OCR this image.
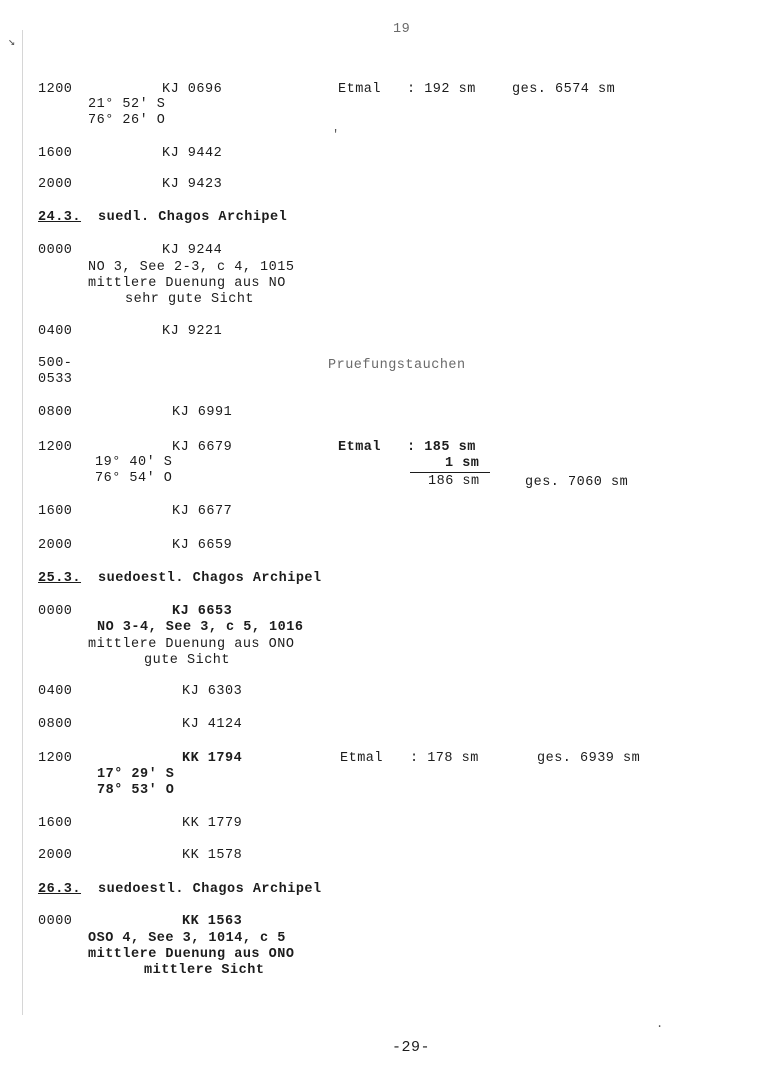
↘
19
1200	KJ 0696
21° 52' S
76° 26' O
Etmal : 192 sm	ges. 6574 sm
1600	KJ 9442
2000	KJ 9423
24.3. suedl. Chagos Archipel
0000	KJ 9244
NO 3, See 2-3, c 4, 1015
mittlere Duenung aus NO
sehr gute Sicht
0400	KJ 9221
500-
0533
Pruefungstauchen
0800	KJ 6991
1200	KJ 6679
19° 40' S
76° 54' O
Etmal : 185 sm
1 sm
186 sm	ges. 7060 sm
1600	KJ 6677
2000	KJ 6659
25.3. suedoestl. Chagos Archipel
0000	KJ 6653
NO 3-4, See 3, c 5, 1016
mittlere Duenung aus ONO
gute Sicht
0400	KJ 6303
0800	KJ 4124
1200	KK 1794
17° 29' S
78° 53' O
Etmal : 178 sm	ges. 6939 sm
1600	KK 1779
2000	KK 1578
26.3. suedoestl. Chagos Archipel
0000	KK 1563
OSO 4, See 3, 1014, c 5
mittlere Duenung aus ONO
mittlere Sicht
-29-
'
.
